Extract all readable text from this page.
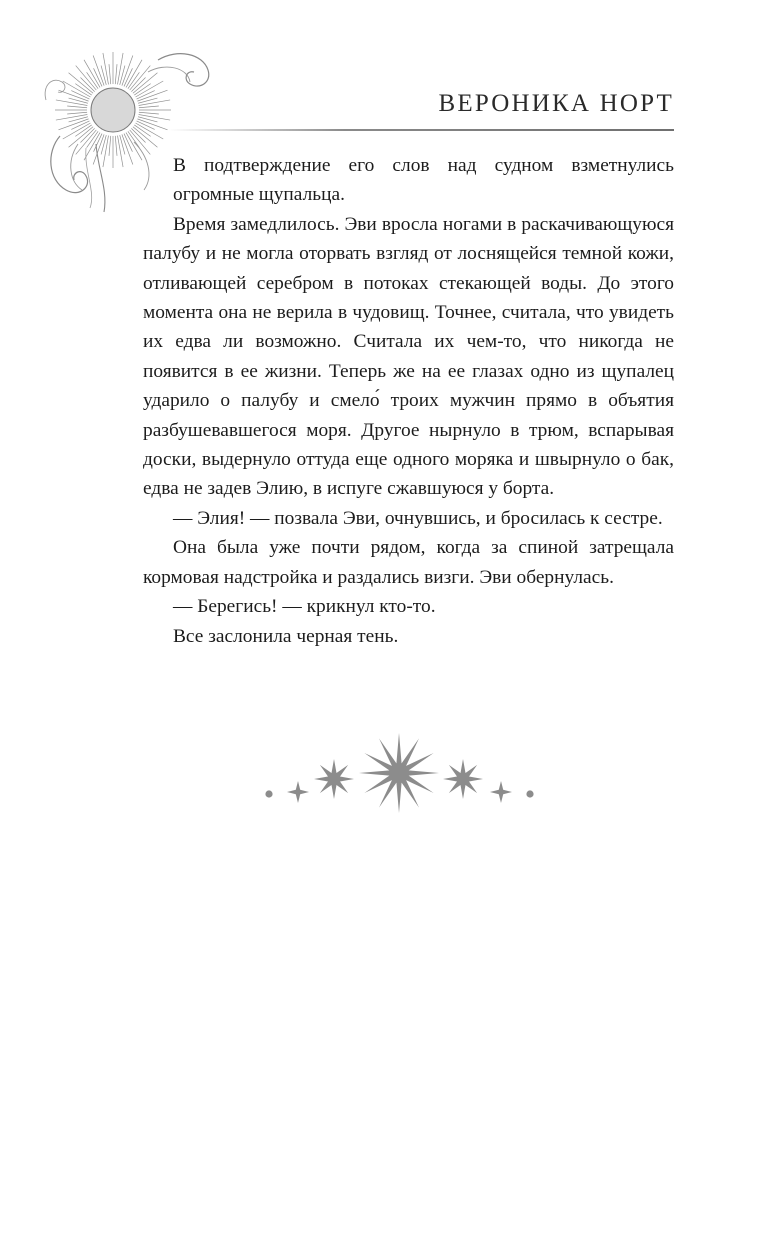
ВЕРОНИКА НОРТ

В подтверждение его слов над судном взметнулись огромные щупальца.

Время замедлилось. Эви вросла ногами в раскачивающуюся палубу и не могла оторвать взгляд от лоснящейся темной кожи, отливающей серебром в потоках стекающей воды. До этого момента она не верила в чудовищ. Точнее, считала, что увидеть их едва ли возможно. Считала их чем-то, что никогда не появится в ее жизни. Теперь же на ее глазах одно из щупалец ударило о палубу и смело́ троих мужчин прямо в объятия разбушевавшегося моря. Другое нырнуло в трюм, вспарывая доски, выдернуло оттуда еще одного моряка и швырнуло о бак, едва не задев Элию, в испуге сжавшуюся у борта.

— Элия! — позвала Эви, очнувшись, и бросилась к сестре.

Она была уже почти рядом, когда за спиной затрещала кормовая надстройка и раздались визги. Эви обернулась.

— Берегись! — крикнул кто-то.

Все заслонила черная тень.
